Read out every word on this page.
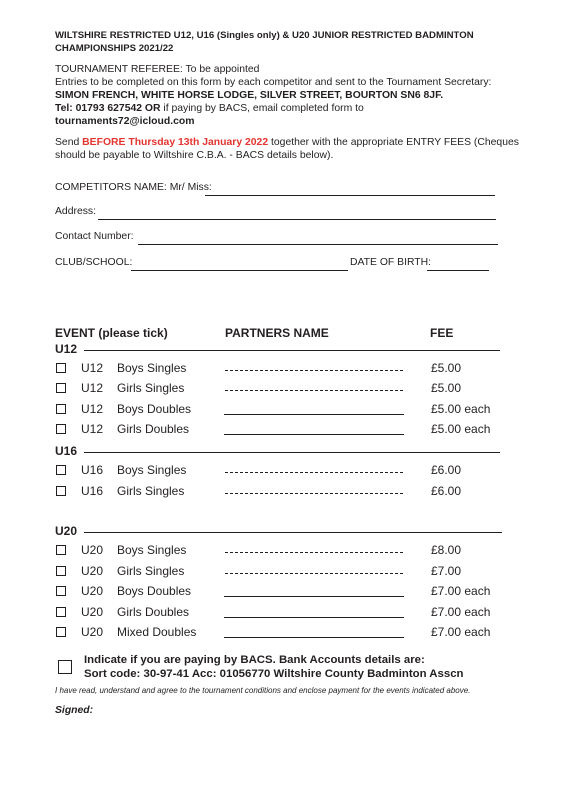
WILTSHIRE RESTRICTED U12, U16 (Singles only) & U20 JUNIOR RESTRICTED BADMINTON
CHAMPIONSHIPS 2021/22
TOURNAMENT REFEREE: To be appointed
Entries to be completed on this form by each competitor and sent to the Tournament Secretary:
SIMON FRENCH, WHITE HORSE LODGE, SILVER STREET, BOURTON SN6 8JF.
Tel: 01793 627542 OR if paying by BACS, email completed form to
tournaments72@icloud.com
Send BEFORE Thursday 13th January 2022 together with the appropriate ENTRY FEES (Cheques
should be payable to Wiltshire C.B.A. - BACS details below).
COMPETITORS NAME: Mr/ Miss:
Address:
Contact Number:
CLUB/SCHOOL:	DATE OF BIRTH:
EVENT (please tick)	PARTNERS NAME	FEE
U12
U12 Boys Singles	£5.00
U12 Girls Singles	£5.00
U12 Boys Doubles	£5.00 each
U12 Girls Doubles	£5.00 each
U16
U16 Boys Singles	£6.00
U16 Girls Singles	£6.00
U20
U20 Boys Singles	£8.00
U20 Girls Singles	£7.00
U20 Boys Doubles	£7.00 each
U20 Girls Doubles	£7.00 each
U20 Mixed Doubles	£7.00 each
Indicate if you are paying by BACS. Bank Accounts details are:
Sort code: 30-97-41 Acc: 01056770 Wiltshire County Badminton Asscn
I have read, understand and agree to the tournament conditions and enclose payment for the events indicated above.
Signed:
